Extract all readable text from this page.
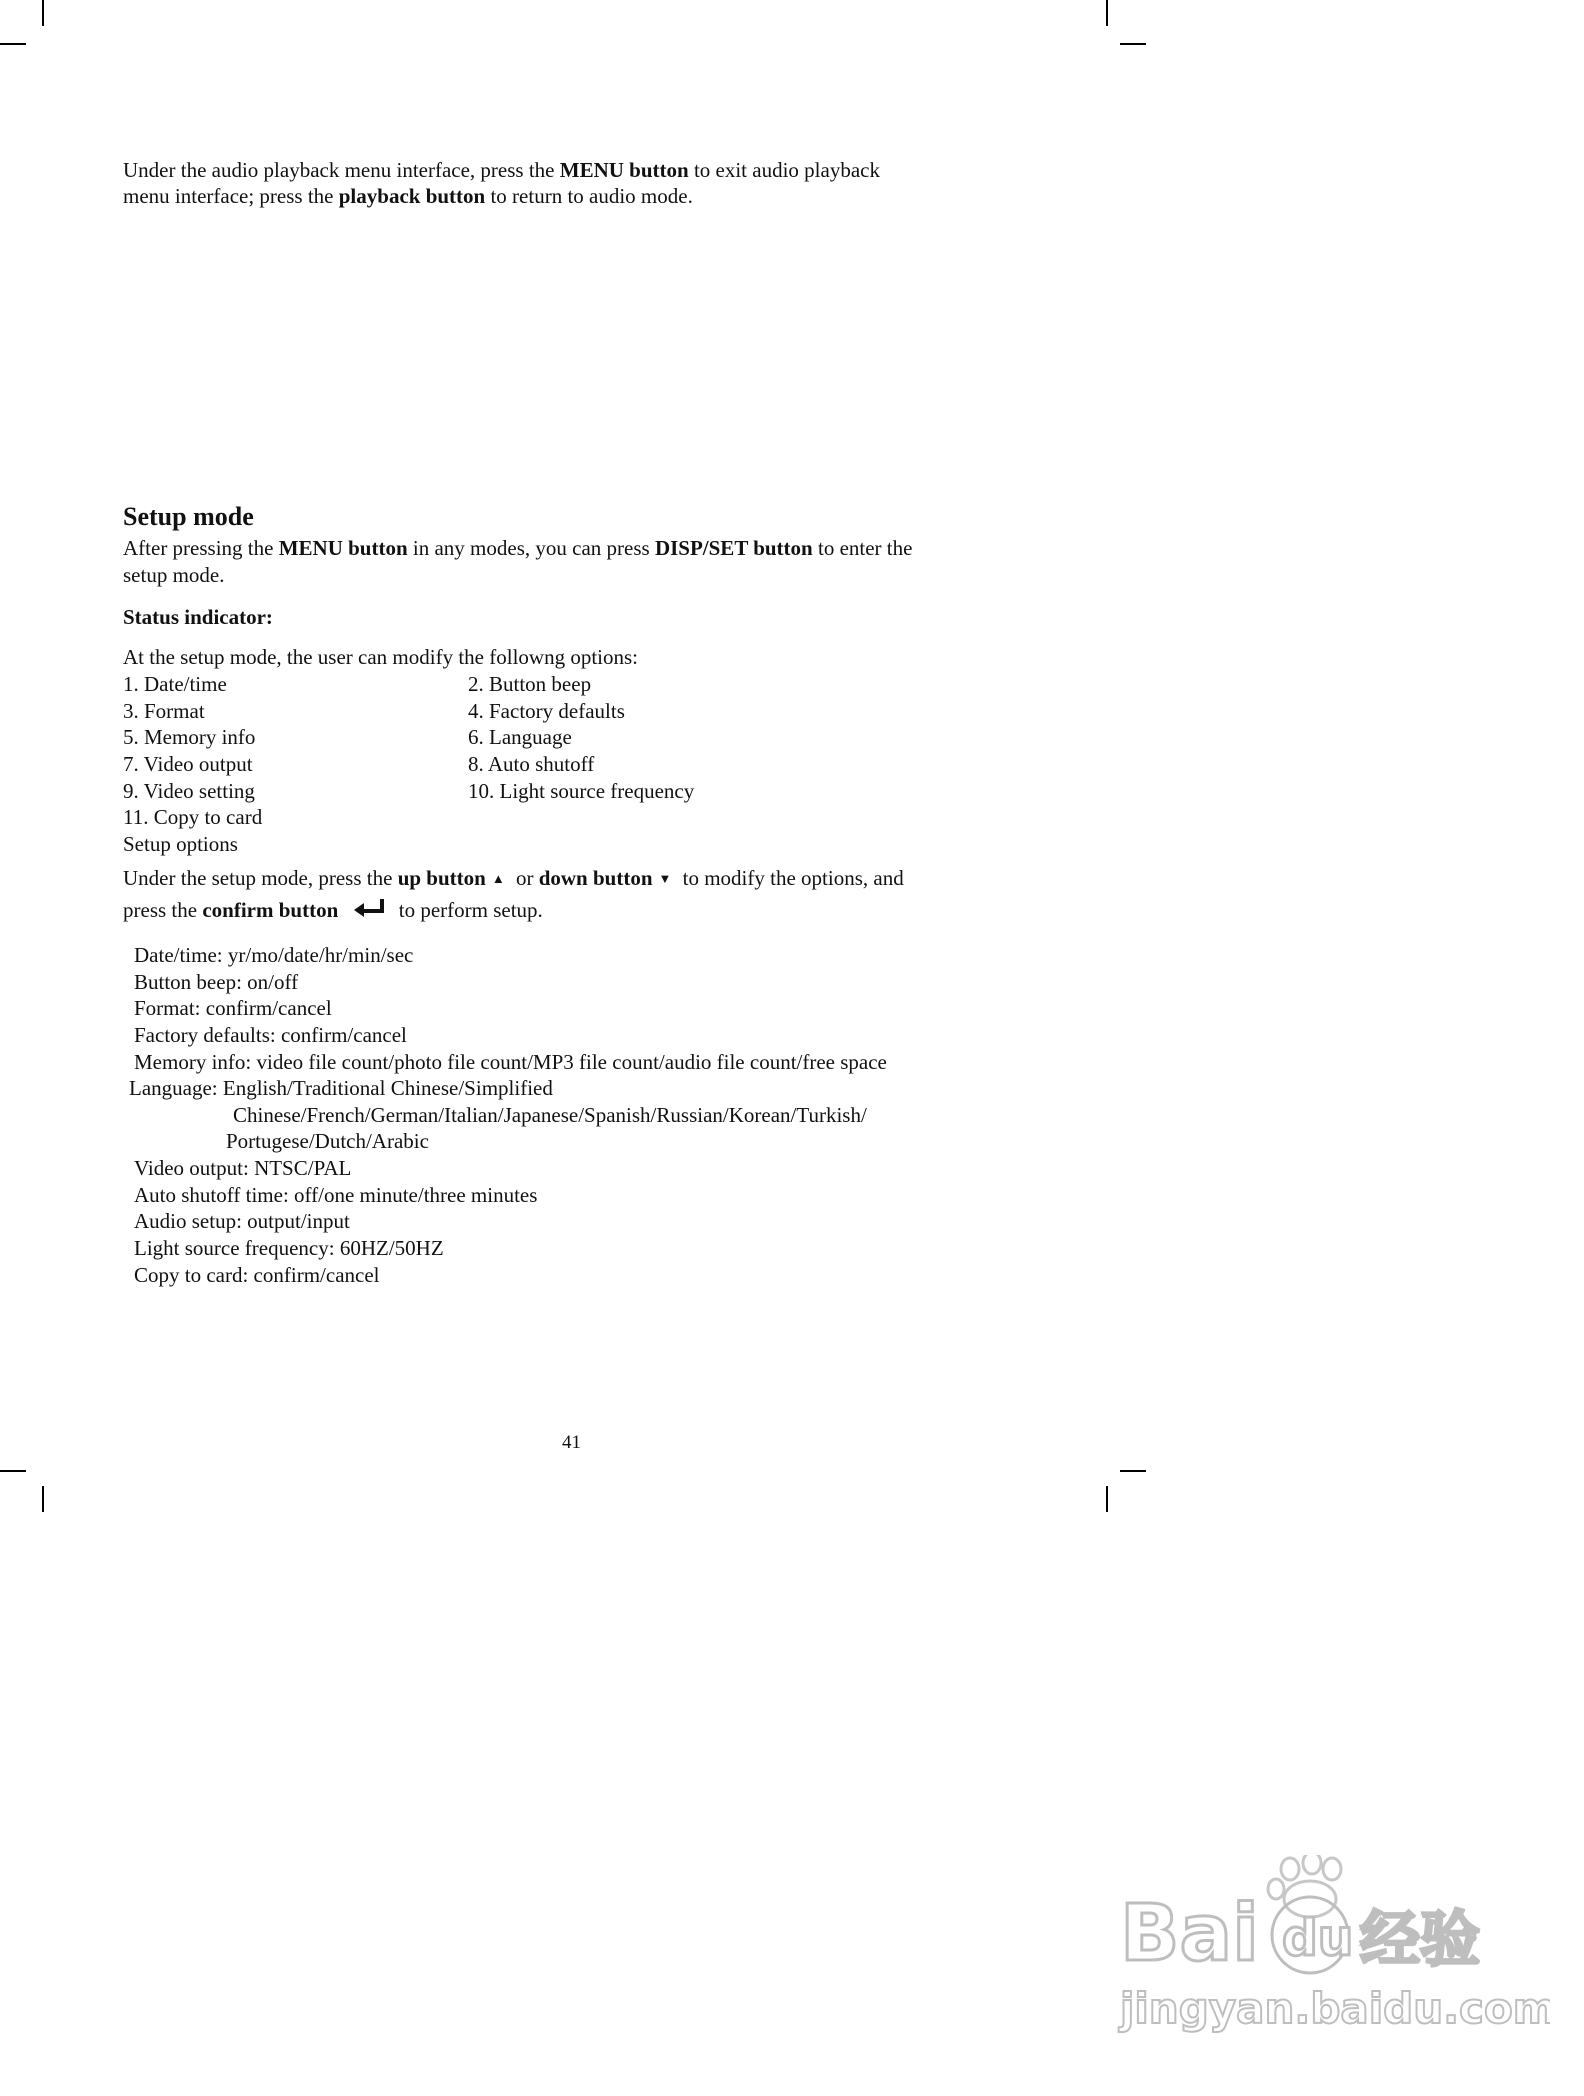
Under the audio playback menu interface, press the MENU button to exit audio playback
menu interface; press the playback button to return to audio mode.
Setup mode
After pressing the MENU button in any modes, you can press DISP/SET button to enter the
setup mode.
Status indicator:
At the setup mode, the user can modify the followng options:
1. Date/time
3. Format
5. Memory info
7. Video output
9. Video setting
11. Copy to card
2. Button beep
4. Factory defaults
6. Language
8. Auto shutoff
10. Light source frequency
Setup options
Under the setup mode, press the up button ▲ or down button ▼ to modify the options, and
press the confirm button	to perform setup.
Date/time: yr/mo/date/hr/min/sec
Button beep: on/off
Format: confirm/cancel
Factory defaults: confirm/cancel
Memory info: video file count/photo file count/MP3 file count/audio file count/free space
Language: English/Traditional Chinese/Simplified
Chinese/French/German/Italian/Japanese/Spanish/Russian/Korean/Turkish/
Portugese/Dutch/Arabic
Video output: NTSC/PAL
Auto shutoff time: off/one minute/three minutes
Audio setup: output/input
Light source frequency: 60HZ/50HZ
Copy to card: confirm/cancel
41
Bai du 经验
jingyan.baidu.com
